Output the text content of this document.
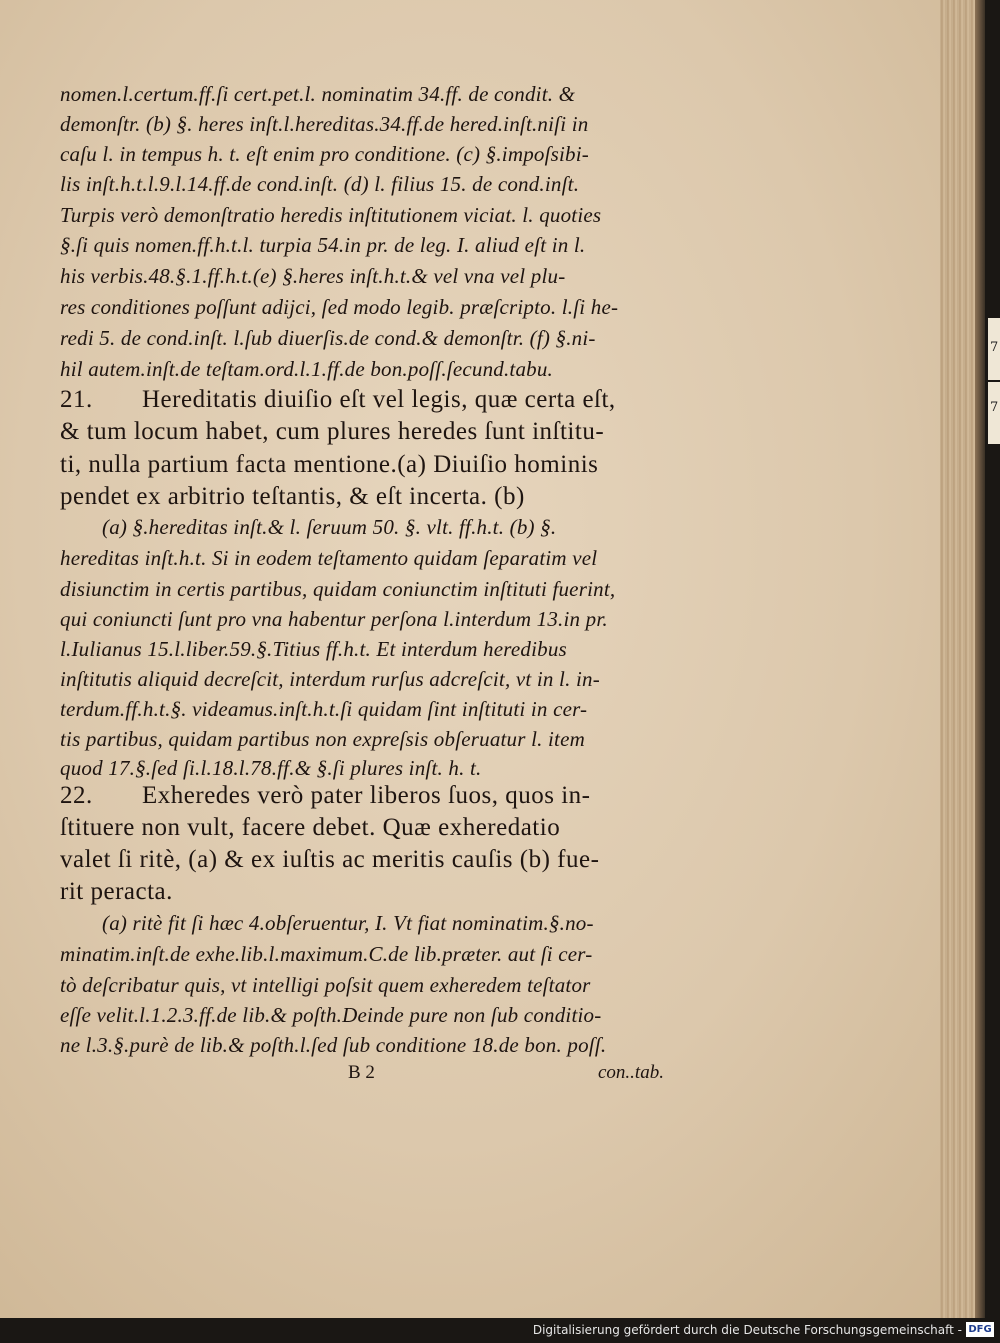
7
7
nomen.l.certum.ff.ſi cert.pet.l. nominatim 34.ff. de condit. &
demonſtr. (b) §. heres inſt.l.hereditas.34.ff.de hered.inſt.niſi in
caſu l. in tempus h. t. eſt enim pro conditione. (c) §.impoſsibi-
lis inſt.h.t.l.9.l.14.ff.de cond.inſt. (d) l. filius 15. de cond.inſt.
Turpis verò demonſtratio heredis inſtitutionem viciat. l. quoties
§.ſi quis nomen.ff.h.t.l. turpia 54.in pr. de leg. I. aliud eſt in l.
his verbis.48.§.1.ff.h.t.(e) §.heres inſt.h.t.& vel vna vel plu-
res conditiones poſſunt adijci, ſed modo legib. præſcripto. l.ſi he-
redi 5. de cond.inſt. l.ſub diuerſis.de cond.& demonſtr. (f) §.ni-
hil autem.inſt.de teſtam.ord.l.1.ff.de bon.poſſ.ſecund.tabu.
21. Hereditatis diuiſio eſt vel legis, quæ certa eſt,
& tum locum habet, cum plures heredes ſunt inſtitu-
ti, nulla partium facta mentione.(a) Diuiſio hominis
pendet ex arbitrio teſtantis, & eſt incerta. (b)
(a) §.hereditas inſt.& l. ſeruum 50. §. vlt. ff.h.t. (b) §.
hereditas inſt.h.t. Si in eodem teſtamento quidam ſeparatim vel
disiunctim in certis partibus, quidam coniunctim inſtituti fuerint,
qui coniuncti ſunt pro vna habentur perſona l.interdum 13.in pr.
l.Iulianus 15.l.liber.59.§.Titius ff.h.t. Et interdum heredibus
inſtitutis aliquid decreſcit, interdum rurſus adcreſcit, vt in l. in-
terdum.ff.h.t.§. videamus.inſt.h.t.ſi quidam ſint inſtituti in cer-
tis partibus, quidam partibus non expreſsis obſeruatur l. item
quod 17.§.ſed ſi.l.18.l.78.ff.& §.ſi plures inſt. h. t.
22. Exheredes verò pater liberos ſuos, quos in-
ſtituere non vult, facere debet. Quæ exheredatio
valet ſi ritè, (a) & ex iuſtis ac meritis cauſis (b) fue-
rit peracta.
(a) ritè fit ſi hæc 4.obſeruentur, I. Vt fiat nominatim.§.no-
minatim.inſt.de exhe.lib.l.maximum.C.de lib.præter. aut ſi cer-
tò deſcribatur quis, vt intelligi poſsit quem exheredem teſtator
eſſe velit.l.1.2.3.ff.de lib.& poſth.Deinde pure non ſub conditio-
ne l.3.§.purè de lib.& poſth.l.ſed ſub conditione 18.de bon. poſſ.
B 2	con..tab.
Digitalisierung gefördert durch die Deutsche Forschungsgemeinschaft - DFG
